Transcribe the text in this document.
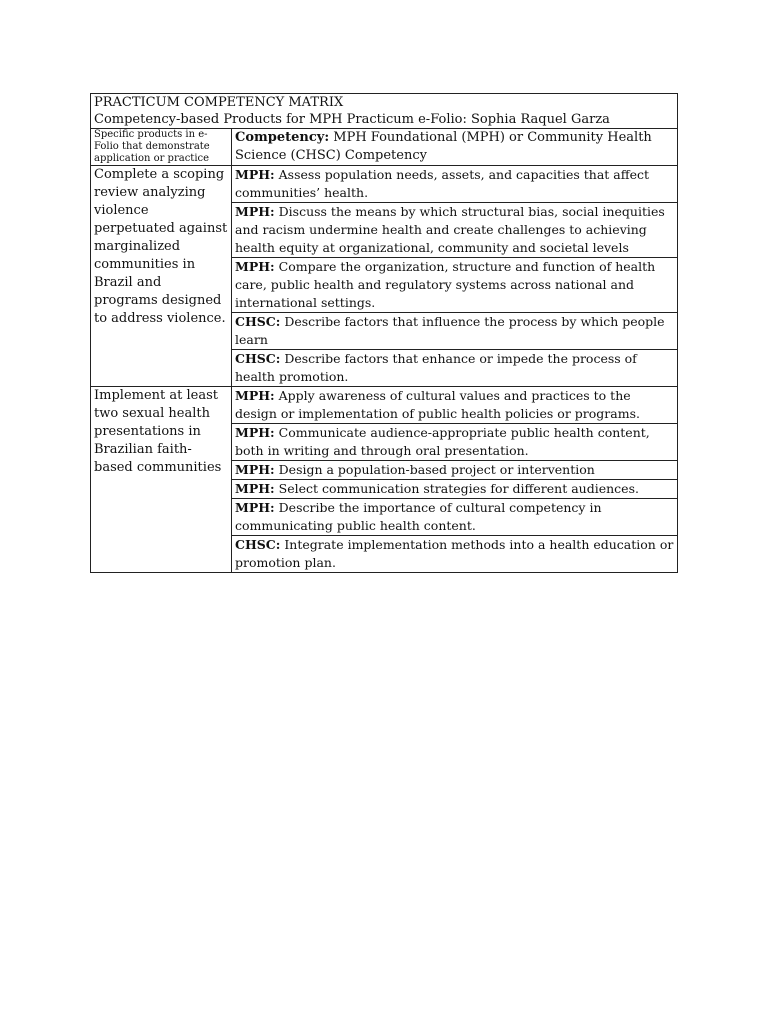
PRACTICUM COMPETENCY MATRIX
Competency-based Products for MPH Practicum e-Folio: Sophia Raquel Garza	

Specific products in e-Folio that demonstrate application or practice	Competency: MPH Foundational (MPH) or Community Health Science (CHSC) Competency
Complete a scoping review analyzing violence perpetuated against marginalized communities in Brazil and programs designed to address violence.	MPH: Assess population needs, assets, and capacities that affect communities’ health.
	MPH: Discuss the means by which structural bias, social inequities and racism undermine health and create challenges to achieving health equity at organizational, community and societal levels
	MPH: Compare the organization, structure and function of health care, public health and regulatory systems across national and international settings.
	CHSC: Describe factors that influence the process by which people learn
	CHSC: Describe factors that enhance or impede the process of health promotion.
Implement at least two sexual health presentations in Brazilian faith-based communities	MPH: Apply awareness of cultural values and practices to the design or implementation of public health policies or programs.
	MPH: Communicate audience-appropriate public health content, both in writing and through oral presentation.
	MPH: Design a population-based project or intervention
	MPH: Select communication strategies for different audiences.
	MPH: Describe the importance of cultural competency in communicating public health content.
	CHSC: Integrate implementation methods into a health education or promotion plan.
